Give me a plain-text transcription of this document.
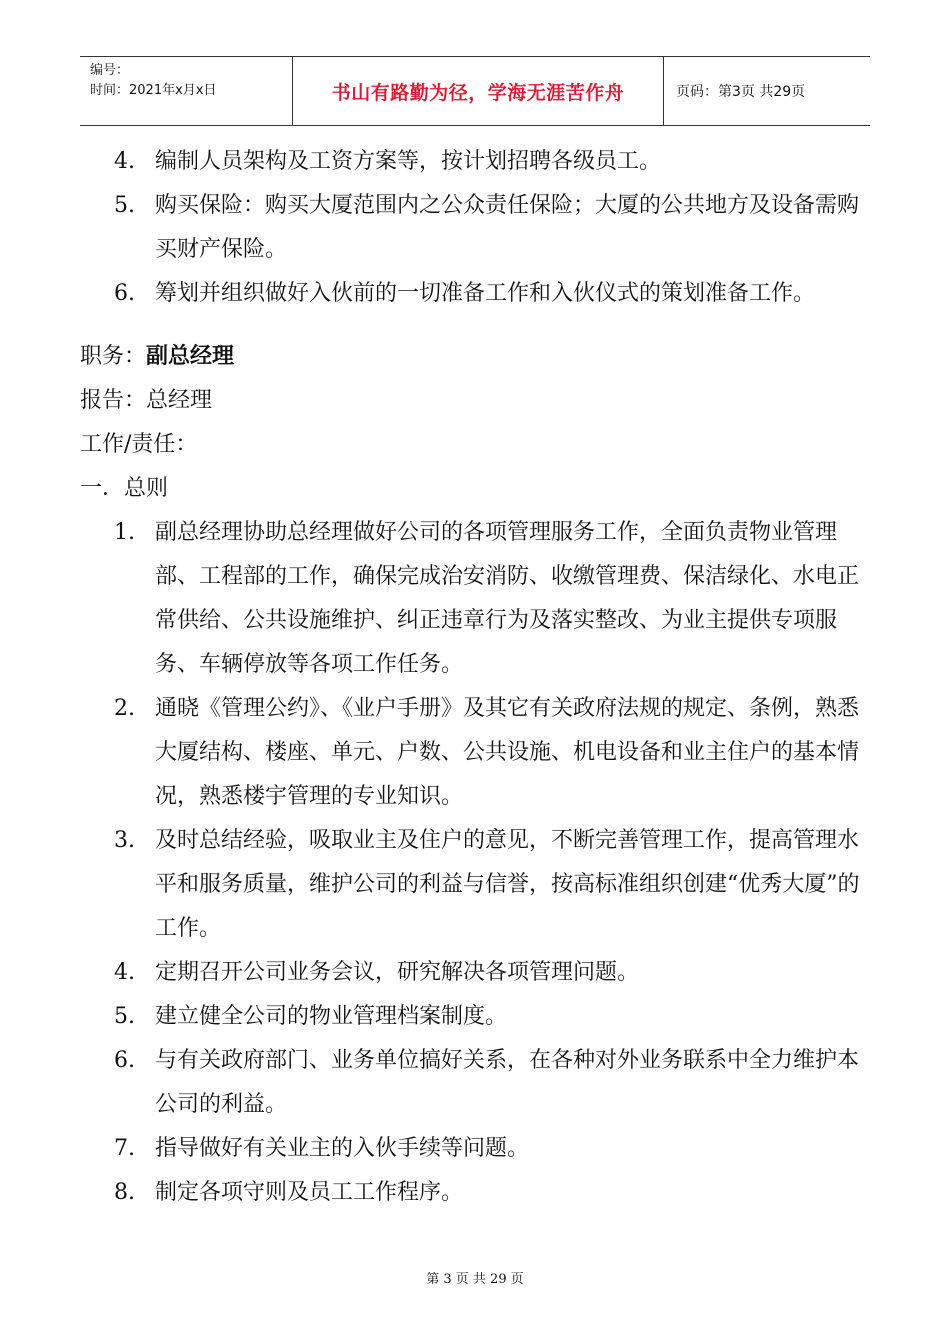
编号：
时间：2021年x月x日	书山有路勤为径，学海无涯苦作舟	页码：第3页 共29页
4. 编制人员架构及工资方案等，按计划招聘各级员工。
5. 购买保险：购买大厦范围内之公众责任保险；大厦的公共地方及设备需购买财产保险。
6. 筹划并组织做好入伙前的一切准备工作和入伙仪式的策划准备工作。
职务：副总经理
报告：总经理
工作/责任：
一．总则
1. 副总经理协助总经理做好公司的各项管理服务工作，全面负责物业管理部、工程部的工作，确保完成治安消防、收缴管理费、保洁绿化、水电正常供给、公共设施维护、纠正违章行为及落实整改、为业主提供专项服务、车辆停放等各项工作任务。
2. 通晓《管理公约》、《业户手册》及其它有关政府法规的规定、条例，熟悉大厦结构、楼座、单元、户数、公共设施、机电设备和业主住户的基本情况，熟悉楼宇管理的专业知识。
3. 及时总结经验，吸取业主及住户的意见，不断完善管理工作，提高管理水平和服务质量，维护公司的利益与信誉，按高标准组织创建“优秀大厦”的工作。
4. 定期召开公司业务会议，研究解决各项管理问题。
5. 建立健全公司的物业管理档案制度。
6. 与有关政府部门、业务单位搞好关系，在各种对外业务联系中全力维护本公司的利益。
7. 指导做好有关业主的入伙手续等问题。
8. 制定各项守则及员工工作程序。
第 3 页 共 29 页
